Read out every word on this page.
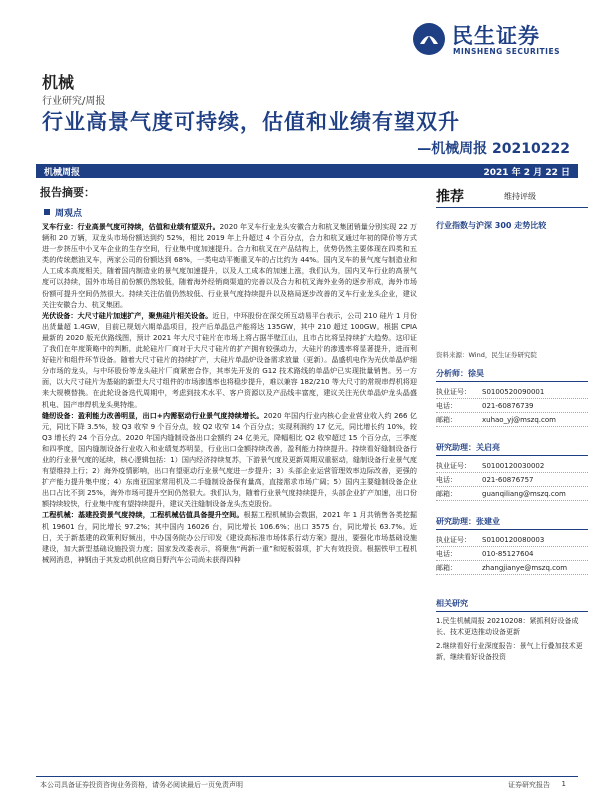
民生证券
MINSHENG SECURITIES
机械
行业研究/周报
行业高景气度可持续，估值和业绩有望双升
—机械周报 20210222
机械周报	2021 年 2 月 22 日
报告摘要：
周观点

叉车行业：行业高景气度可持续，估值和业绩有望双升。2020 年叉车行业龙头安徽合力和杭叉集团销量分别实现 22 万辆和 20 万辆，双龙头市场份额达到约 52%，相比 2019 年上升超过 4 个百分点，合力和杭叉通过年初的降价等方式进一步挤压中小叉车企业的生存空间，行业集中度加速提升。合力和杭叉在产品结构上，优势仍然主要体现在四类和五类的传统燃油叉车，两家公司的份额达到 68%，一类电动平衡重叉车的占比约为 44%。国内叉车的景气度与制造业和人工成本高度相关，随着国内制造业的景气度加速提升，以及人工成本的加速上涨，我们认为，国内叉车行业的高景气度可以持续，国外市场目前份额仍然较低，随着海外经销商渠道的完善以及合力和杭叉海外业务的逐步形成，海外市场份额可提升空间仍然很大。持续关注估值仍然较低、行业景气度持续提升以及格局逐步改善的叉车行业龙头企业，建议关注安徽合力、杭叉集团。

光伏设备：大尺寸硅片加速扩产，聚焦硅片相关设备。近日，中环股份在深交所互动易平台表示，公司 210 硅片 1 月份出货量超 1.4GW，目前已规划六期单晶项目，投产后单晶总产能将达 135GW，其中 210 超过 100GW。根据 CPIA 最新的 2020 版光伏路线图，预计 2021 年大尺寸硅片在市场上将占据半壁江山，且市占比将呈持续扩大趋势。这印证了我们在年度策略中的判断，此轮硅片厂商对于大尺寸硅片的扩产拥有较强动力，大硅片的渗透率将显著提升，进而利好硅片和组件环节设备。随着大尺寸硅片的持续扩产，大硅片单晶炉设备需求放量（更新）。晶盛机电作为光伏单晶炉细分市场的龙头，与中环股份等龙头硅片厂商紧密合作，其率先开发的 G12 技术路线的单晶炉已实现批量销售。另一方面，以大尺寸硅片为基础的新型大尺寸组件的市场渗透率也将稳步提升，难以兼容 182/210 等大尺寸的常规串焊机将迎来大规模替换。在此轮设备迭代周期中，考虑到技术水平、客户资源以及产品线丰富度，建议关注光伏单晶炉龙头晶盛机电、国产串焊机龙头奥特维。

缝纫设备：盈利能力改善明显，出口+内需驱动行业景气度持续增长。2020 年国内行业内核心企业营业收入约 266 亿元，同比下降 3.5%，较 Q3 收窄 9 个百分点，较 Q2 收窄 14 个百分点；实现利润约 17 亿元，同比增长约 10%，较 Q3 增长约 24 个百分点。2020 年国内缝制设备出口金额约 24 亿美元，降幅相比 Q2 收窄超过 15 个百分点，三季度和四季度，国内缝制设备行业收入和业绩复苏明显，行业出口金额持续改善，盈利能力持续提升。持续看好缝制设备行业的行业景气度的延续，核心逻辑包括：1）国内经济持续复苏，下游景气度及更新周期双重驱动，缝制设备行业景气度有望维持上行；2）海外疫情影响，出口有望驱动行业景气度进一步提升；3）头部企业运营管理效率边际改善，更强的扩产能力提升集中度；4）东南亚国家常用机及二手缝制设备保有量高，直接需求市场广阔；5）国内主要缝制设备企业出口占比不到 25%，海外市场可提升空间仍然很大。我们认为，随着行业景气度持续提升，头部企业扩产加速，出口份额持续较快，行业集中度有望持续提升，建议关注缝制设备龙头杰克股份。

工程机械：基建投资景气度持续，工程机械估值具备提升空间。根据工程机械协会数据，2021 年 1 月共销售各类挖掘机 19601 台，同比增长 97.2%；其中国内 16026 台，同比增长 106.6%；出口 3575 台，同比增长 63.7%。近日，关于新基建的政策利好频出，中办国务院办公厅印发《建设高标准市场体系行动方案》提出，要强化市场基础设施建设，加大新型基础设施投资力度；国家发改委表示，将聚焦“两新一重”和短板弱项，扩大有效投资。根据铁甲工程机械网消息，神钢由于其发动机供应商日野汽车公司尚未获得四种

推荐	维持评级
行业指数与沪深 300 走势比较
资料来源：Wind，民生证券研究院
分析师：徐昊
执业证号： S0100520090001
电话：	021-60876739
邮箱：	xuhao_yj@mszq.com
研究助理：关启亮
执业证号： S0100120030002
电话：	021-60876757
邮箱：	guanqiliang@mszq.com
研究助理：张建业
执业证号： S0100120080003
电话：	010-85127604
邮箱：	zhangjianye@mszq.com
相关研究
1.民生机械周报 20210208：紧抓利好设备成长、技术更迭推动设备更新
2.继续看好行业深度报告：景气上行叠加技术更新，继续看好设备投资
本公司具备证券投资咨询业务资格，请务必阅读最后一页免责声明	证券研究报告 1
